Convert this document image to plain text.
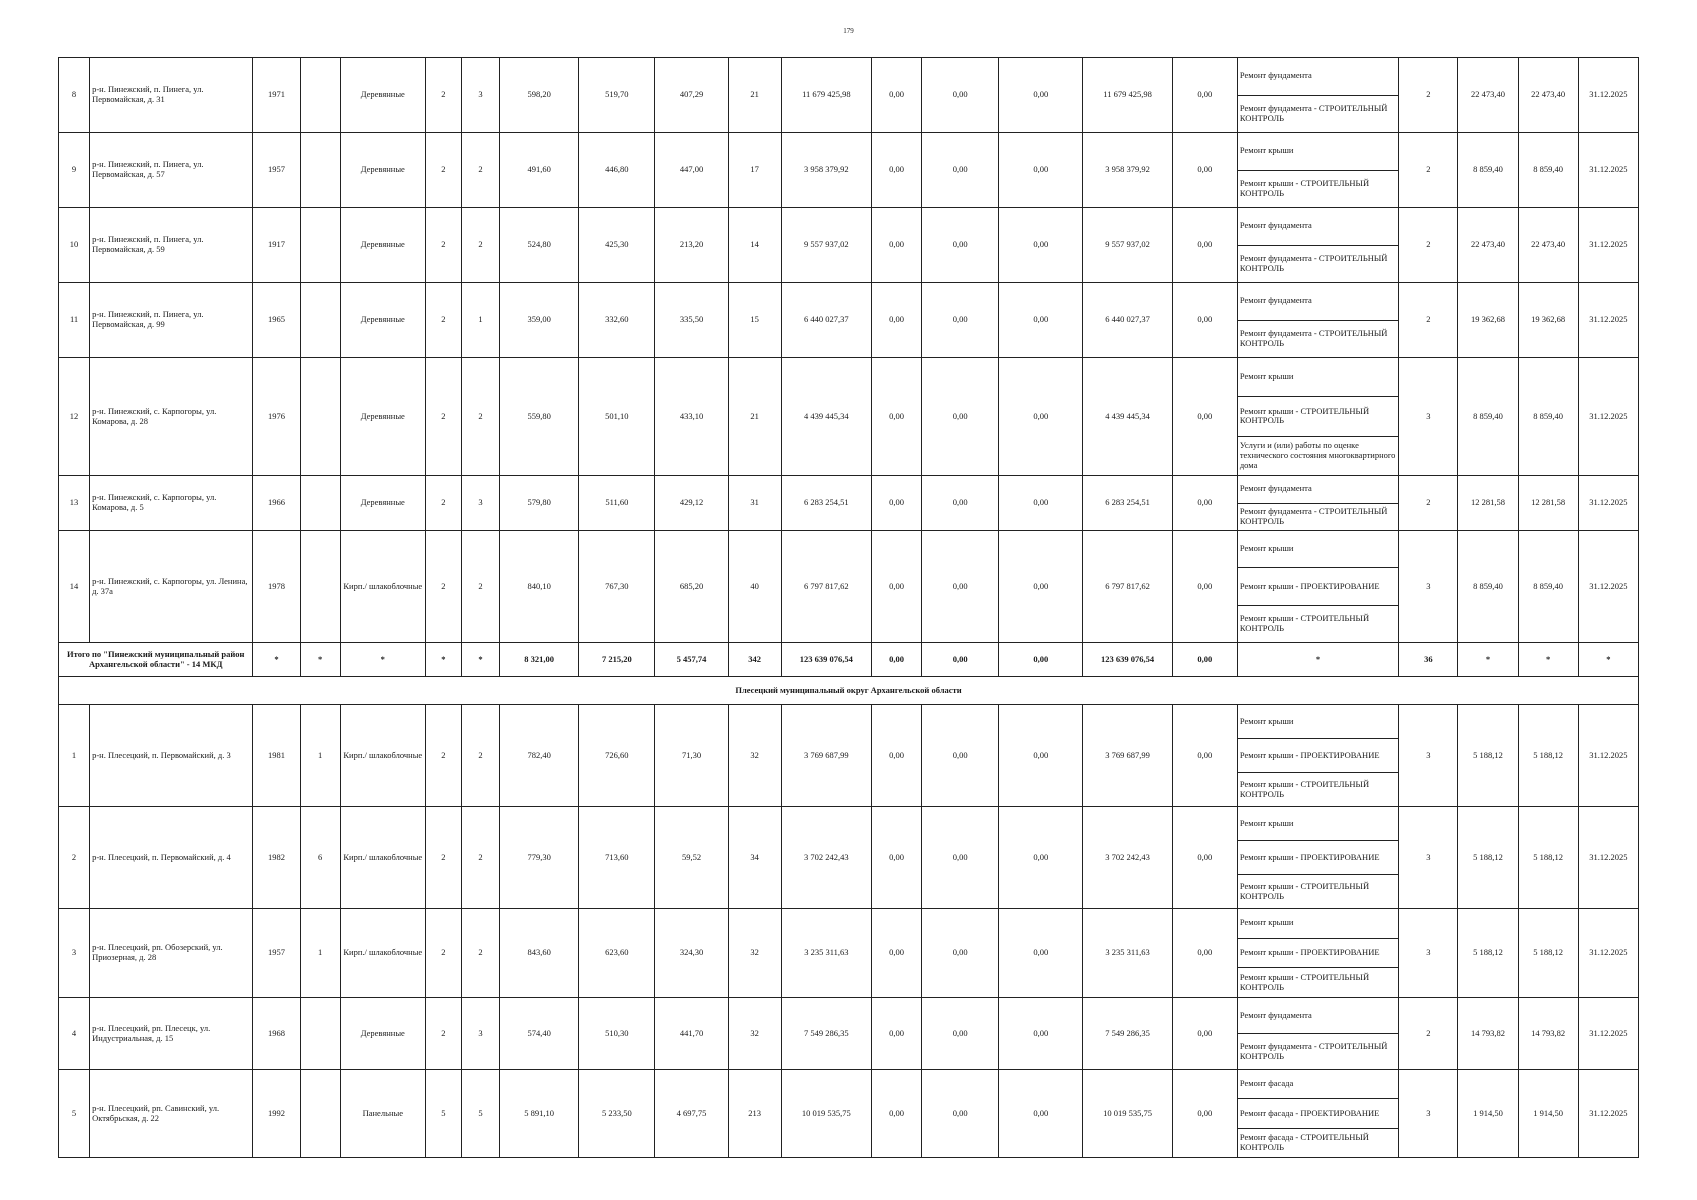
179
8	р-н. Пинежский, п. Пинега, ул. Первомайская, д. 31	1971		Деревянные	2	3	598,20	519,70	407,29	21	11 679 425,98	0,00	0,00	0,00	11 679 425,98	0,00	Ремонт фундамента
Ремонт фундамента - СТРОИТЕЛЬНЫЙ КОНТРОЛЬ	2	22 473,40	22 473,40	31.12.2025
9	р-н. Пинежский, п. Пинега, ул. Первомайская, д. 57	1957		Деревянные	2	2	491,60	446,80	447,00	17	3 958 379,92	0,00	0,00	0,00	3 958 379,92	0,00	Ремонт крыши
Ремонт крыши - СТРОИТЕЛЬНЫЙ КОНТРОЛЬ	2	8 859,40	8 859,40	31.12.2025
10	р-н. Пинежский, п. Пинега, ул. Первомайская, д. 59	1917		Деревянные	2	2	524,80	425,30	213,20	14	9 557 937,02	0,00	0,00	0,00	9 557 937,02	0,00	Ремонт фундамента
Ремонт фундамента - СТРОИТЕЛЬНЫЙ КОНТРОЛЬ	2	22 473,40	22 473,40	31.12.2025
11	р-н. Пинежский, п. Пинега, ул. Первомайская, д. 99	1965		Деревянные	2	1	359,00	332,60	335,50	15	6 440 027,37	0,00	0,00	0,00	6 440 027,37	0,00	Ремонт фундамента
Ремонт фундамента - СТРОИТЕЛЬНЫЙ КОНТРОЛЬ	2	19 362,68	19 362,68	31.12.2025
12	р-н. Пинежский, с. Карпогоры, ул. Комарова, д. 28	1976		Деревянные	2	2	559,80	501,10	433,10	21	4 439 445,34	0,00	0,00	0,00	4 439 445,34	0,00	Ремонт крыши
Ремонт крыши - СТРОИТЕЛЬНЫЙ КОНТРОЛЬ
Услуги и (или) работы по оценке технического состояния многоквартирного дома	3	8 859,40	8 859,40	31.12.2025
13	р-н. Пинежский, с. Карпогоры, ул. Комарова, д. 5	1966		Деревянные	2	3	579,80	511,60	429,12	31	6 283 254,51	0,00	0,00	0,00	6 283 254,51	0,00	Ремонт фундамента
Ремонт фундамента - СТРОИТЕЛЬНЫЙ КОНТРОЛЬ	2	12 281,58	12 281,58	31.12.2025
14	р-н. Пинежский, с. Карпогоры, ул. Ленина, д. 37а	1978		Кирп./ шлакоблочные	2	2	840,10	767,30	685,20	40	6 797 817,62	0,00	0,00	0,00	6 797 817,62	0,00	Ремонт крыши
Ремонт крыши - ПРОЕКТИРОВАНИЕ
Ремонт крыши - СТРОИТЕЛЬНЫЙ КОНТРОЛЬ	3	8 859,40	8 859,40	31.12.2025
Итого по "Пинежский муниципальный район Архангельской области" - 14 МКД		*	*	*	*	*	8 321,00	7 215,20	5 457,74	342	123 639 076,54	0,00	0,00	0,00	123 639 076,54	0,00	*	36	*	*	*
Плесецкий муниципальный округ Архангельской области																					
1	р-н. Плесецкий, п. Первомайский, д. 3	1981	1	Кирп./ шлакоблочные	2	2	782,40	726,60	71,30	32	3 769 687,99	0,00	0,00	0,00	3 769 687,99	0,00	Ремонт крыши
Ремонт крыши - ПРОЕКТИРОВАНИЕ
Ремонт крыши - СТРОИТЕЛЬНЫЙ КОНТРОЛЬ	3	5 188,12	5 188,12	31.12.2025
2	р-н. Плесецкий, п. Первомайский, д. 4	1982	6	Кирп./ шлакоблочные	2	2	779,30	713,60	59,52	34	3 702 242,43	0,00	0,00	0,00	3 702 242,43	0,00	Ремонт крыши
Ремонт крыши - ПРОЕКТИРОВАНИЕ
Ремонт крыши - СТРОИТЕЛЬНЫЙ КОНТРОЛЬ	3	5 188,12	5 188,12	31.12.2025
3	р-н. Плесецкий, рп. Обозерский, ул. Приозерная, д. 28	1957	1	Кирп./ шлакоблочные	2	2	843,60	623,60	324,30	32	3 235 311,63	0,00	0,00	0,00	3 235 311,63	0,00	Ремонт крыши
Ремонт крыши - ПРОЕКТИРОВАНИЕ
Ремонт крыши - СТРОИТЕЛЬНЫЙ КОНТРОЛЬ	3	5 188,12	5 188,12	31.12.2025
4	р-н. Плесецкий, рп. Плесецк, ул. Индустриальная, д. 15	1968		Деревянные	2	3	574,40	510,30	441,70	32	7 549 286,35	0,00	0,00	0,00	7 549 286,35	0,00	Ремонт фундамента
Ремонт фундамента - СТРОИТЕЛЬНЫЙ КОНТРОЛЬ	2	14 793,82	14 793,82	31.12.2025
5	р-н. Плесецкий, рп. Савинский, ул. Октябрьская, д. 22	1992		Панельные	5	5	5 891,10	5 233,50	4 697,75	213	10 019 535,75	0,00	0,00	0,00	10 019 535,75	0,00	Ремонт фасада
Ремонт фасада - ПРОЕКТИРОВАНИЕ
Ремонт фасада - СТРОИТЕЛЬНЫЙ КОНТРОЛЬ	3	1 914,50	1 914,50	31.12.2025
